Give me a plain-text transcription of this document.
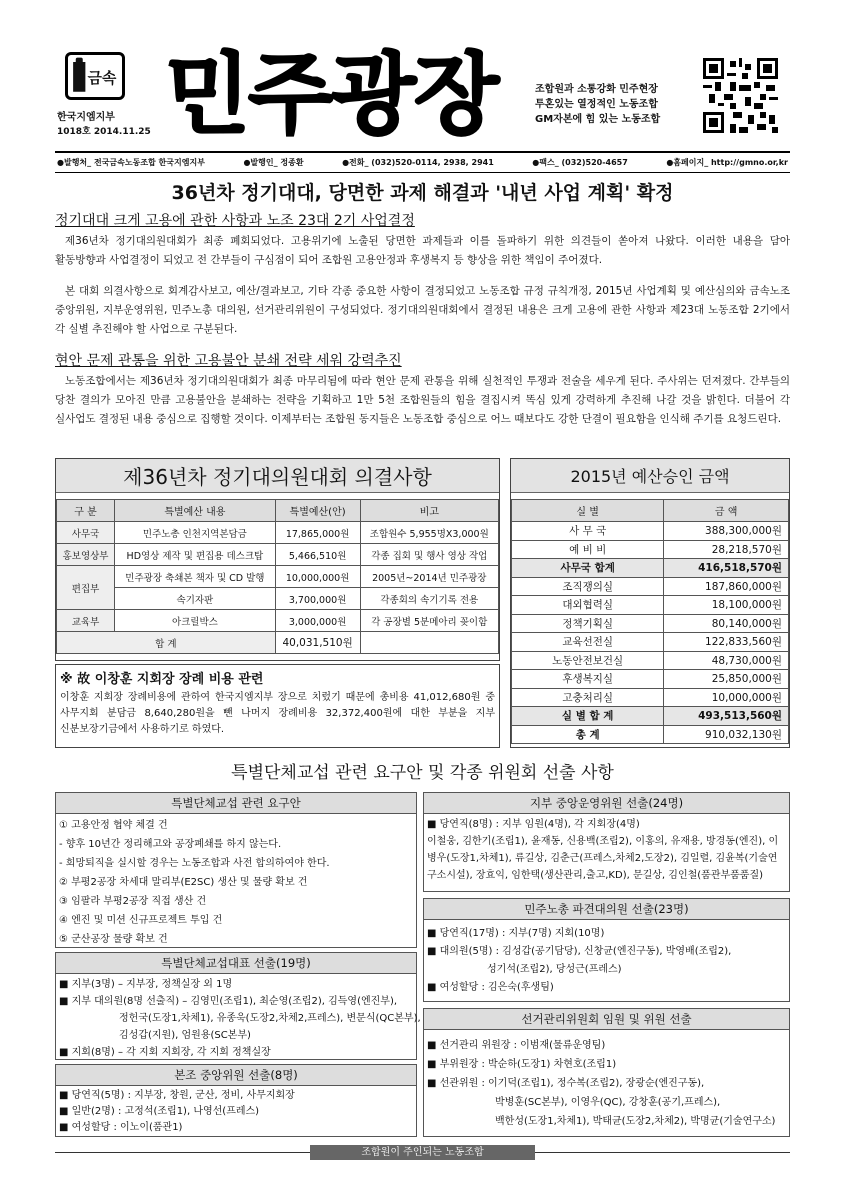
금속
한국지엠지부
1018호 2014.11.25 민주광장	조합원과 소통강화 민주현장
투혼있는 열정적인 노동조합
GM자본에 힘 있는 노동조합
●발행처_ 전국금속노동조합 한국지엠지부	●발행인_ 정종환	●전화_ (032)520-0114, 2938, 2941	●팩스_ (032)520-4657	●홈페이지_ http://gmno.or,kr
36년차 정기대대, 당면한 과제 해결과 '내년 사업 계획' 확정
정기대대 크게 고용에 관한 사항과 노조 23대 2기 사업결정
제36년차 정기대의원대회가 최종 폐회되었다. 고용위기에 노출된 당면한 과제들과 이를 돌파하기 위한 의견들이 쏟아져 나왔다. 이러한 내용을 담아 활동방향과 사업결정이 되었고 전 간부들이 구심점이 되어 조합원 고용안정과 후생복지 등 향상을 위한 책임이 주어졌다.
본 대회 의결사항으로 회계감사보고, 예산/결과보고, 기타 각종 중요한 사항이 결정되었고 노동조합 규정 규칙개정, 2015년 사업계획 및 예산심의와 금속노조 중앙위원, 지부운영위원, 민주노총 대의원, 선거관리위원이 구성되었다. 정기대의원대회에서 결정된 내용은 크게 고용에 관한 사항과 제23대 노동조합 2기에서 각 실별 추진해야 할 사업으로 구분된다.
현안 문제 관통을 위한 고용불안 분쇄 전략 세워 강력추진
노동조합에서는 제36년차 정기대의원대회가 최종 마무리됨에 따라 현안 문제 관통을 위해 실천적인 투쟁과 전술을 세우게 된다. 주사위는 던져졌다. 간부들의 당찬 결의가 모아진 만큼 고용불안을 분쇄하는 전략을 기획하고 1만 5천 조합원들의 힘을 결집시켜 똑심 있게 강력하게 추진해 나갈 것을 밝힌다. 더불어 각 실사업도 결정된 내용 중심으로 집행할 것이다. 이제부터는 조합원 동지들은 노동조합 중심으로 어느 때보다도 강한 단결이 필요함을 인식해 주기를 요청드린다.
제36년차 정기대의원대회 의결사항
구 분	특별예산 내용	특별예산(안)	비고
사무국	민주노총 인천지역본담금	17,865,000원	조합원수 5,955명X3,000원
홍보영상부	HD영상 제작 및 편집용 데스크탑	5,466,510원	각종 집회 및 행사 영상 작업
편집부	민주광장 축쇄본 책자 및 CD 발행	10,000,000원	2005년~2014년 민주광장
	속기자판	3,700,000원	각종회의 속기기록 전용
교육부	아크릴박스	3,000,000원	각 공장별 5분메아리 꽂이함
합 계		40,031,510원	
※ 故 이창훈 지회장 장례 비용 관련
이창훈 지회장 장례비용에 관하여 한국지엠지부 장으로 치렀기 때문에 총비용 41,012,680원 중 사무지회 분담금 8,640,280원을 뺀 나머지 장례비용 32,372,400원에 대한 부분을 지부 신분보장기금에서 사용하기로 하였다.
2015년 예산승인 금액
실 별	금 액
사 무 국	388,300,000원
예 비 비	28,218,570원
사무국 합계	416,518,570원
조직쟁의실	187,860,000원
대외협력실	18,100,000원
정책기획실	80,140,000원
교육선전실	122,833,560원
노동안전보건실	48,730,000원
후생복지실	25,850,000원
고충처리실	10,000,000원
실 별 합 계	493,513,560원
총 계	910,032,130원
특별단체교섭 관련 요구안 및 각종 위원회 선출 사항
특별단체교섭 관련 요구안
① 고용안정 협약 체결 건
- 향후 10년간 정리해고와 공장폐쇄를 하지 않는다.
- 희망퇴직을 실시할 경우는 노동조합과 사전 합의하여야 한다.
② 부평2공장 차세대 말리부(E2SC) 생산 및 물량 확보 건
③ 임팔라 부평2공장 직접 생산 건
④ 엔진 및 미션 신규프로젝트 투입 건
⑤ 군산공장 물량 확보 건
특별단체교섭대표 선출(19명)
■ 지부(3명) – 지부장, 정책실장 외 1명
■ 지부 대의원(8명 선출직) – 김영민(조립1), 최순영(조립2), 김득영(엔진부),
정헌국(도장1,차체1), 유종욱(도장2,차체2,프레스), 변문식(QC본부),
김성갑(지원), 엄원용(SC본부)
■ 지회(8명) – 각 지회 지회장, 각 지회 정책실장
본조 중앙위원 선출(8명)
■ 당연직(5명) : 지부장, 창원, 군산, 정비, 사무지회장
■ 일반(2명) : 고정석(조립1), 나영선(프레스)
■ 여성할당 : 이노이(품관1)
지부 중앙운영위원 선출(24명)
■ 당연직(8명) : 지부 임원(4명), 각 지회장(4명)
이철웅, 김한기(조립1), 윤재동, 신용백(조립2), 이홍의, 유재용, 방경동(엔진), 이
병우(도장1,차체1), 류길상, 김춘근(프레스,차체2,도장2), 김일렬, 김윤복(기술연
구소시설), 장효익, 임한택(생산관리,출고,KD), 문길상, 김인철(품관부품품질)
민주노총 파견대의원 선출(23명)
■ 당연직(17명) : 지부(7명) 지회(10명)
■ 대의원(5명) : 김성갑(공기담당), 신창균(엔진구동), 박영배(조립2),
성기석(조립2), 당성근(프레스)
■ 여성할당 : 김은숙(후생팀)
선거관리위원회 임원 및 위원 선출
■ 선거관리 위원장 : 이범재(물류운영팀)
■ 부위원장 : 박순하(도장1) 차현호(조립1)
■ 선관위원 : 이기덕(조립1), 정수복(조립2), 장광순(엔진구동),
박병훈(SC본부), 이영우(QC), 강창훈(공기,프레스),
백한성(도장1,차체1), 박태균(도장2,차체2), 박명균(기술연구소)
조합원이 주인되는 노동조합
